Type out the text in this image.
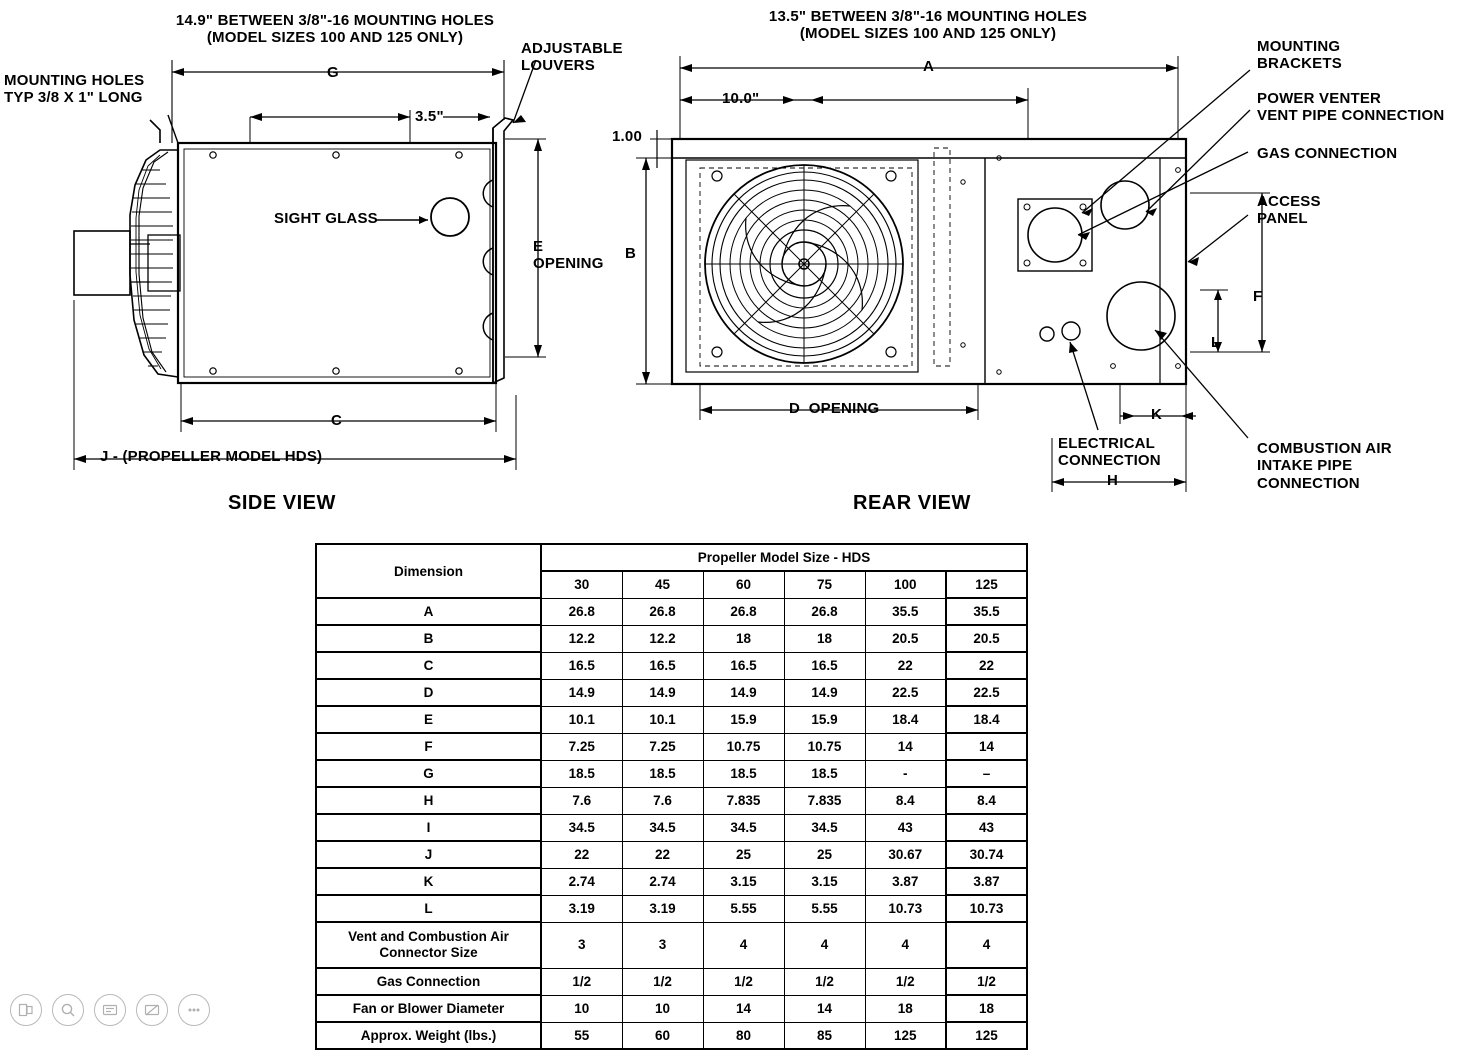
14.9" BETWEEN 3/8"-16 MOUNTING HOLES
(MODEL SIZES 100 AND 125 ONLY)
MOUNTING HOLES
TYP 3/8 X 1" LONG
ADJUSTABLE
LOUVERS
G
3.5"
SIGHT GLASS
E
OPENING
C
J - (PROPELLER MODEL HDS)
SIDE VIEW
13.5" BETWEEN 3/8"-16 MOUNTING HOLES
(MODEL SIZES 100 AND 125 ONLY)
A
10.0"
1.00
B
D  OPENING
F
L
K
H
MOUNTING
BRACKETS
POWER VENTER
VENT PIPE CONNECTION
GAS CONNECTION
ACCESS
PANEL
ELECTRICAL
CONNECTION
COMBUSTION AIR
INTAKE PIPE
CONNECTION
REAR VIEW
Dimension	Propeller Model Size - HDS					
	30	45	60	75	100	125
A	26.8	26.8	26.8	26.8	35.5	35.5
B	12.2	12.2	18	18	20.5	20.5
C	16.5	16.5	16.5	16.5	22	22
D	14.9	14.9	14.9	14.9	22.5	22.5
E	10.1	10.1	15.9	15.9	18.4	18.4
F	7.25	7.25	10.75	10.75	14	14
G	18.5	18.5	18.5	18.5	-	–
H	7.6	7.6	7.835	7.835	8.4	8.4
I	34.5	34.5	34.5	34.5	43	43
J	22	22	25	25	30.67	30.74
K	2.74	2.74	3.15	3.15	3.87	3.87
L	3.19	3.19	5.55	5.55	10.73	10.73
Vent and Combustion Air
Connector Size	3	3	4	4	4	4
Gas Connection	1/2	1/2	1/2	1/2	1/2	1/2
Fan or Blower Diameter	10	10	14	14	18	18
Approx. Weight (lbs.)	55	60	80	85	125	125
